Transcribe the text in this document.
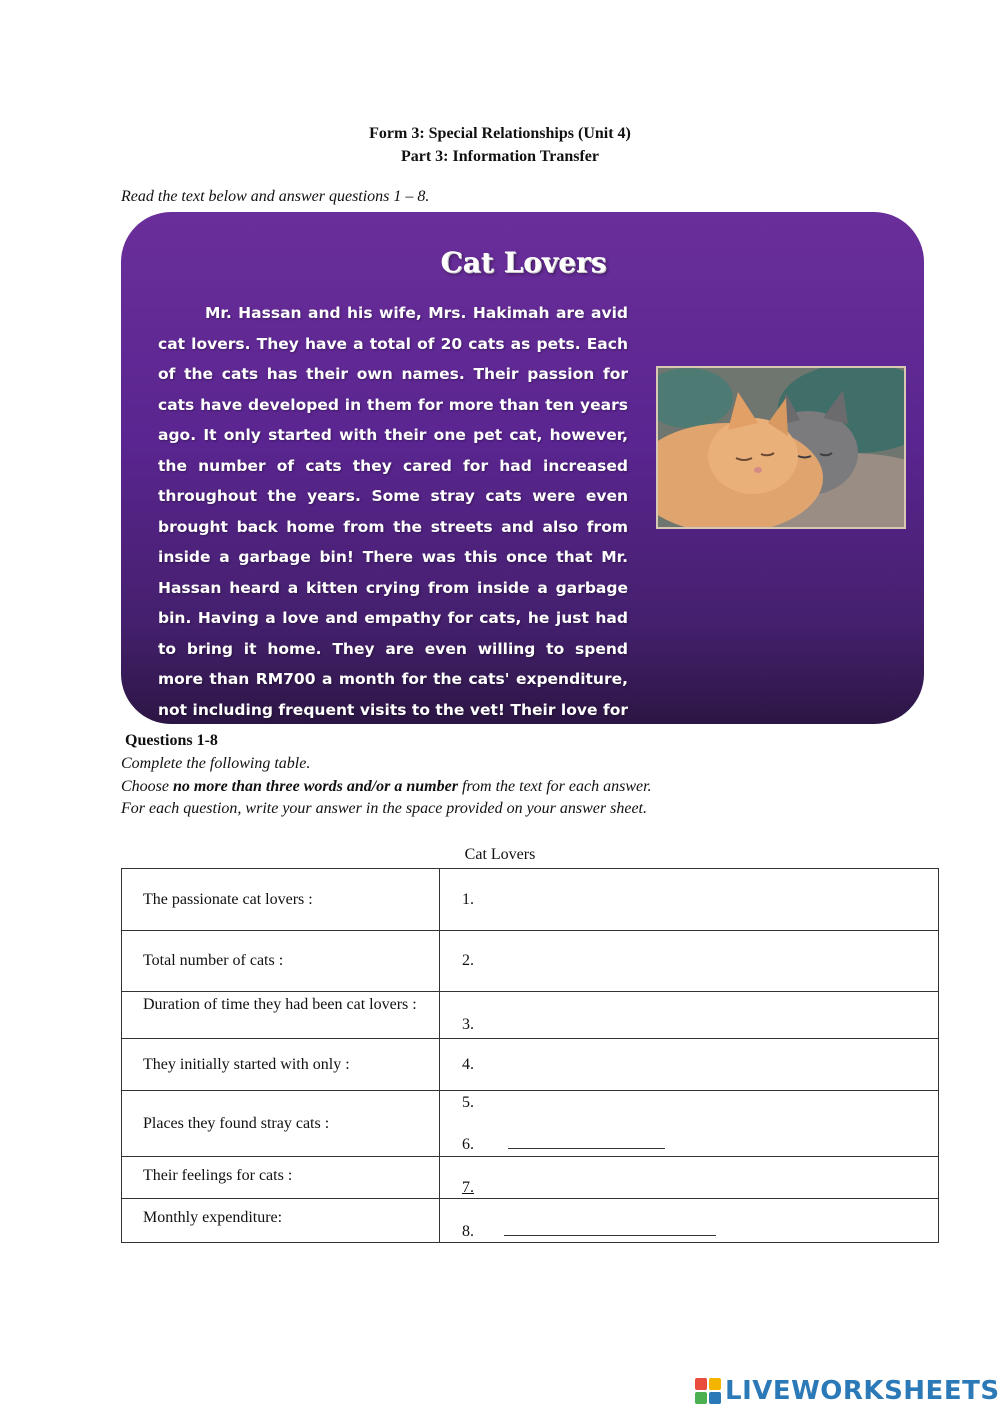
Form 3: Special Relationships (Unit 4)
Part 3: Information Transfer
Read the text below and answer questions 1 – 8.
Cat Lovers
Mr. Hassan and his wife, Mrs. Hakimah are avid cat lovers. They have a total of 20 cats as pets. Each of the cats has their own names. Their passion for cats have developed in them for more than ten years ago. It only started with their one pet cat, however, the number of cats they cared for had increased throughout the years. Some stray cats were even brought back home from the streets and also from inside a garbage bin! There was this once that Mr. Hassan heard a kitten crying from inside a garbage bin. Having a love and empathy for cats, he just had to bring it home. They are even willing to spend more than RM700 a month for the cats' expenditure, not including frequent visits to the vet! Their love for
Questions 1-8
Complete the following table.
Choose no more than three words and/or a number from the text for each answer.
For each question, write your answer in the space provided on your answer sheet.
Cat Lovers
The passionate cat lovers :	1.
Total number of cats :	2.
Duration of time they had been cat lovers :	3.
They initially started with only :	4.
Places they found stray cats :	5.
6.

Their feelings for cats :	7.
Monthly expenditure:	8.
LIVEWORKSHEETS
